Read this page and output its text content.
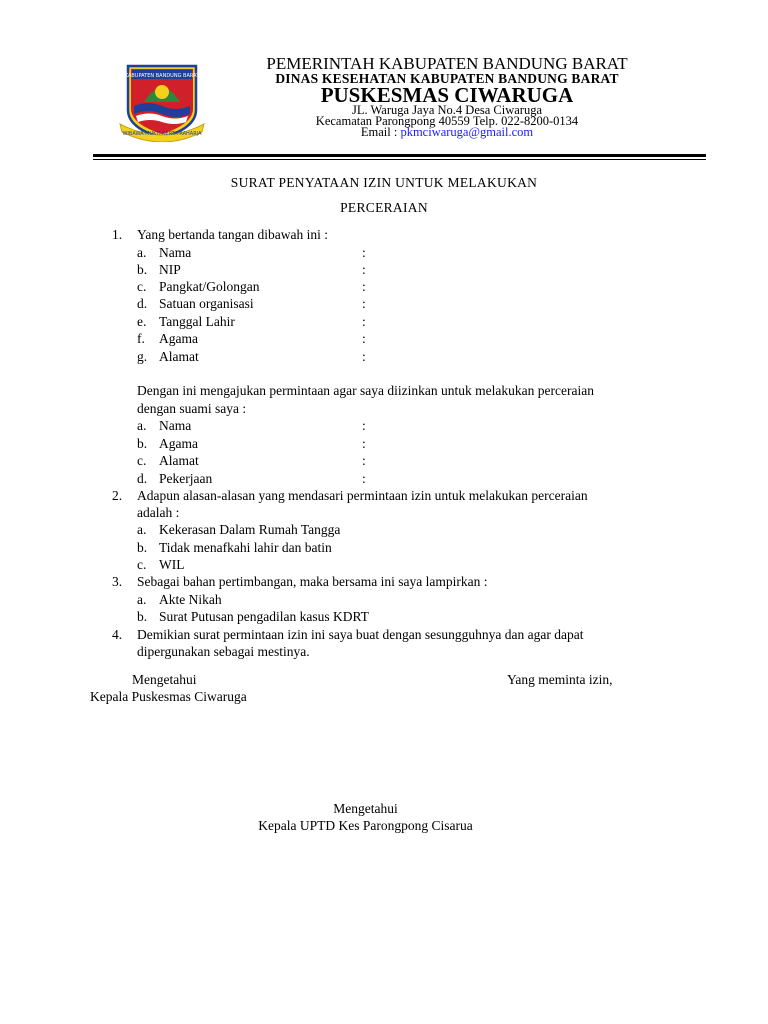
KABUPATEN BANDUNG BARAT
WIBAWA MUKTI KERTA RAHARJA
PEMERINTAH KABUPATEN BANDUNG BARAT
DINAS KESEHATAN KABUPATEN BANDUNG BARAT
PUSKESMAS CIWARUGA
JL. Waruga Jaya No.4 Desa Ciwaruga
Kecamatan Parongpong 40559 Telp. 022-8200-0134
Email : pkmciwaruga@gmail.com
SURAT PENYATAAN IZIN UNTUK MELAKUKAN
PERCERAIAN
1. Yang bertanda tangan dibawah ini :
a. Nama	:
b. NIP	:
c. Pangkat/Golongan	:
d. Satuan organisasi	:
e. Tanggal Lahir	:
f. Agama	:
g. Alamat	:
Dengan ini mengajukan permintaan agar saya diizinkan untuk melakukan perceraian
dengan suami saya :
a. Nama	:
b. Agama	:
c. Alamat	:
d. Pekerjaan	:
2. Adapun alasan-alasan yang mendasari permintaan izin untuk melakukan perceraian
adalah :
a. Kekerasan Dalam Rumah Tangga
b. Tidak menafkahi lahir dan batin
c. WIL
3. Sebagai bahan pertimbangan, maka bersama ini saya lampirkan :
a. Akte Nikah
b. Surat Putusan pengadilan kasus KDRT
4. Demikian surat permintaan izin ini saya buat dengan sesungguhnya dan agar dapat
dipergunakan sebagai mestinya.
Mengetahui
Kepala Puskesmas Ciwaruga
Yang meminta izin,
Mengetahui
Kepala UPTD Kes Parongpong Cisarua
